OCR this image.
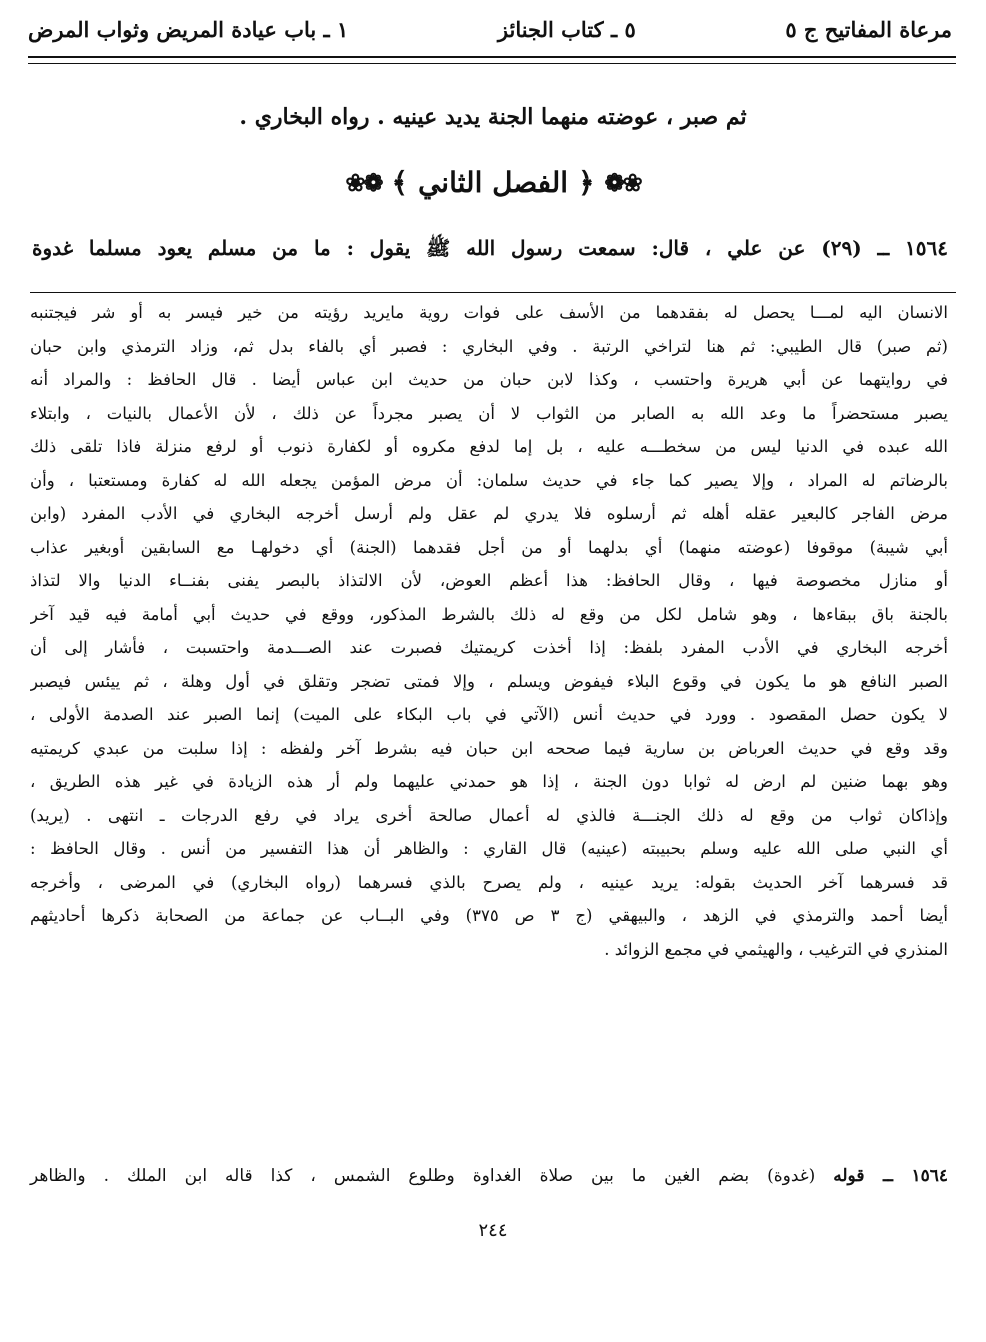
مرعاة المفاتيح ج ٥
٥ ـ كتاب الجنائز
١ ـ باب عيادة المريض وثواب المرض
ثم صبر ، عوضته منهما الجنة يديد عينيه . رواه البخاري .
❀❁
﴿
الفصل الثاني
﴾
❁❀
١٥٦٤ ــ (٢٩) عن علي ، قال: سمعت رسول الله ﷺ يقول : ما من مسلم يعود مسلما غدوة
الانسان اليه لمـــا يحصل له بفقدهما من الأسف على فوات روية مايريد رؤيته من خير فيسر به أو شر فيجتنبه
(ثم صبر) قال الطيبي: ثم هنا لتراخي الرتبة . وفي البخاري : فصبر أي بالفاء بدل ثم، وزاد الترمذي وابن حبان
في روايتهما عن أبي هريرة واحتسب ، وكذا لابن حبان من حديث ابن عباس أيضا . قال الحافظ : والمراد أنه
يصبر مستحضراً ما وعد الله به الصابر من الثواب لا أن يصبر مجرداً عن ذلك ، لأن الأعمال بالنيات ، وابتلاء
الله عبده في الدنيا ليس من سخطـــه عليه ، بل إما لدفع مكروه أو لكفارة ذنوب أو لرفع منزلة فاذا تلقى ذلك
بالرضاتم له المراد ، وإلا يصير كما جاء في حديث سلمان: أن مرض المؤمن يجعله الله له كفارة ومستعتبا ، وأن
مرض الفاجر كالبعير عقله أهله ثم أرسلوه فلا يدري لم عقل ولم أرسل أخرجه البخاري في الأدب المفرد (وابن
أبي شيبة) موقوفا (عوضته منهما) أي بدلهما أو من أجل فقدهما (الجنة) أي دخولهـا مع السابقين أوبغير عذاب
أو منازل مخصوصة فيها ، وقال الحافظ: هذا أعظم العوض، لأن الالتذاذ بالبصر يفنى بفنــاء الدنيا والا لتذاذ
بالجنة باق ببقاءها ، وهو شامل لكل من وقع له ذلك بالشرط المذكور، ووقع في حديث أبي أمامة فيه قيد آخر
أخرجه البخاري في الأدب المفرد بلفظ: إذا أخذت كريمتيك فصبرت عند الصـــدمة واحتسبت ، فأشار إلى أن
الصبر النافع هو ما يكون في وقوع البلاء فيفوض ويسلم ، وإلا فمتى تضجر وتقلق في أول وهلة ، ثم ييئس فيصبر
لا يكون حصل المقصود . وورد في حديث أنس (الآتي في باب البكاء على الميت) إنما الصبر عند الصدمة الأولى ،
وقد وقع في حديث العرباض بن سارية فيما صححه ابن حبان فيه بشرط آخر ولفظه : إذا سلبت من عبدي كريمتيه
وهو بهما ضنين لم ارض له ثوابا دون الجنة ، إذا هو حمدني عليهما ولم أر هذه الزيادة في غير هذه الطريق ،
وإذاكان ثواب من وقع له ذلك الجنـــة فالذي له أعمال صالحة أخرى يراد في رفع الدرجات ـ انتهى . (يريد)
أي النبي صلى الله عليه وسلم بحبيبته (عينيه) قال القاري : والظاهر أن هذا التفسير من أنس . وقال الحافظ :
قد فسرهما آخر الحديث بقوله: يريد عينيه ، ولم يصرح بالذي فسرهما (رواه البخاري) في المرضى ، وأخرجه
أيضا أحمد والترمذي في الزهد ، والبيهقي (ج ٣ ص ٣٧٥) وفي البــاب عن جماعة من الصحابة ذكرها أحاديثهم
المنذري في الترغيب ، والهيثمي في مجمع الزوائد .
١٥٦٤ ــ قوله (غدوة) بضم الغين ما بين صلاة الغداوة وطلوع الشمس ، كذا قاله ابن الملك . والظاهر
٢٤٤
